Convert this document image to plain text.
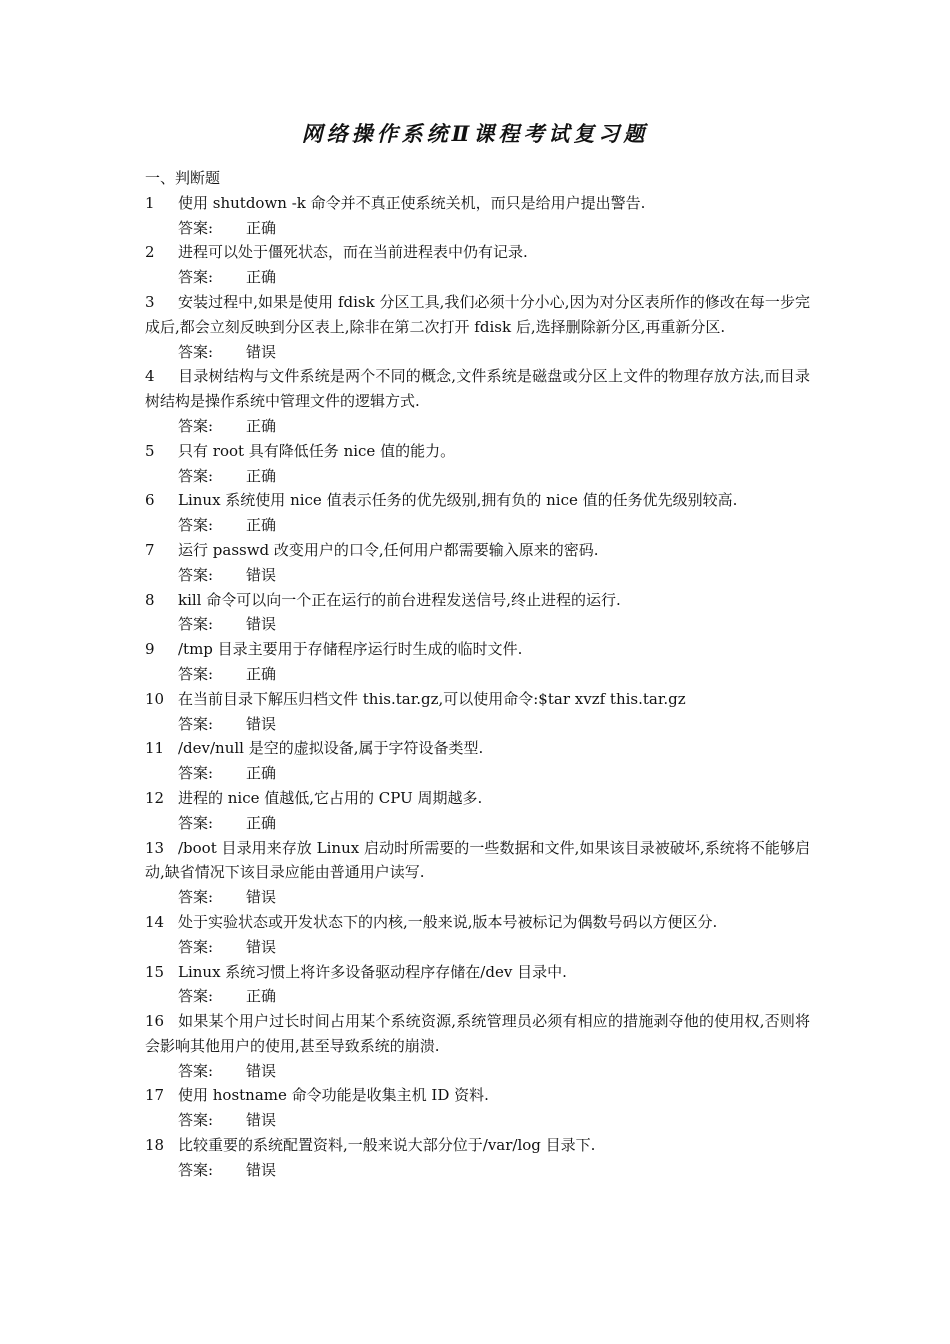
网络操作系统Ⅱ课程考试复习题

一、判断题

1 使用 shutdown -k 命令并不真正使系统关机，而只是给用户提出警告.

答案: 正确

2 进程可以处于僵死状态，而在当前进程表中仍有记录.

答案: 正确

3 安装过程中,如果是使用 fdisk 分区工具,我们必须十分小心,因为对分区表所作的修改在每一步完成后,都会立刻反映到分区表上,除非在第二次打开 fdisk 后,选择删除新分区,再重新分区.

答案: 错误

4 目录树结构与文件系统是两个不同的概念,文件系统是磁盘或分区上文件的物理存放方法,而目录树结构是操作系统中管理文件的逻辑方式.

答案: 正确

5 只有 root 具有降低任务 nice 值的能力。

答案: 正确

6 Linux 系统使用 nice 值表示任务的优先级别,拥有负的 nice 值的任务优先级别较高.

答案: 正确

7 运行 passwd 改变用户的口令,任何用户都需要输入原来的密码.

答案: 错误

8 kill 命令可以向一个正在运行的前台进程发送信号,终止进程的运行.

答案: 错误

9 /tmp 目录主要用于存储程序运行时生成的临时文件.

答案: 正确

10 在当前目录下解压归档文件 this.tar.gz,可以使用命令:$tar xvzf this.tar.gz

答案: 错误

11 /dev/null 是空的虚拟设备,属于字符设备类型.

答案: 正确

12 进程的 nice 值越低,它占用的 CPU 周期越多.

答案: 正确

13 /boot 目录用来存放 Linux 启动时所需要的一些数据和文件,如果该目录被破坏,系统将不能够启动,缺省情况下该目录应能由普通用户读写.

答案: 错误

14 处于实验状态或开发状态下的内核,一般来说,版本号被标记为偶数号码以方便区分.

答案: 错误

15 Linux 系统习惯上将许多设备驱动程序存储在/dev 目录中.

答案: 正确

16 如果某个用户过长时间占用某个系统资源,系统管理员必须有相应的措施剥夺他的使用权,否则将会影响其他用户的使用,甚至导致系统的崩溃.

答案: 错误

17 使用 hostname 命令功能是收集主机 ID 资料.

答案: 错误

18 比较重要的系统配置资料,一般来说大部分位于/var/log 目录下.

答案: 错误
